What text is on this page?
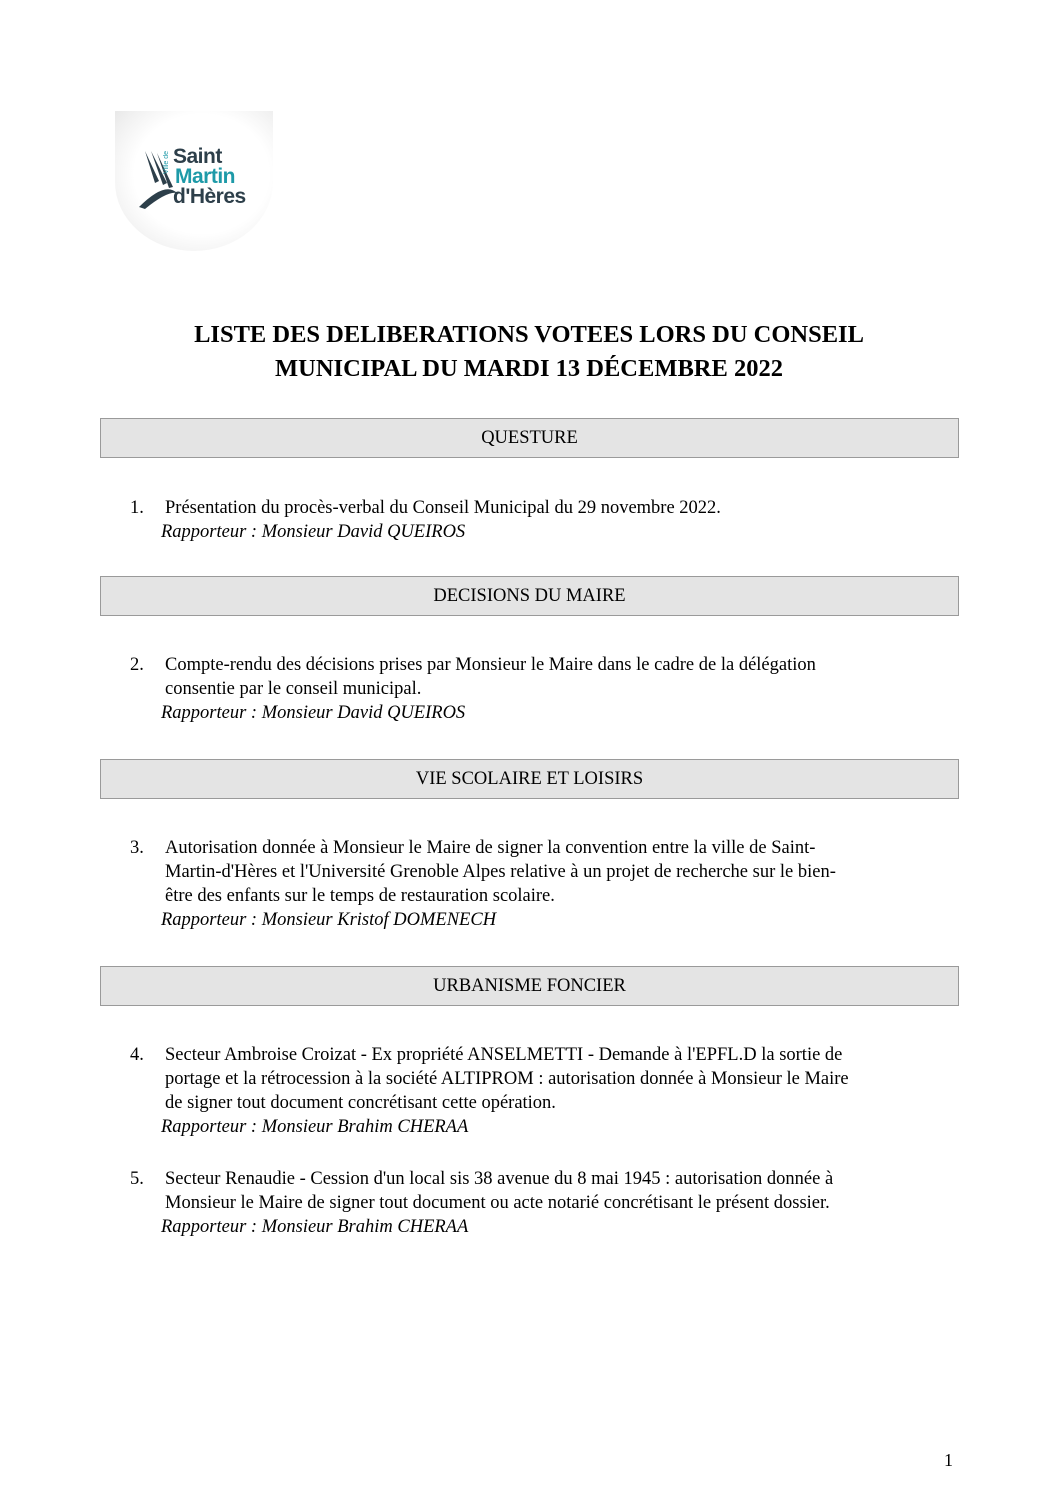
Ville de Saint
Martin
d'Hères
LISTE DES DELIBERATIONS VOTEES LORS DU CONSEIL
MUNICIPAL DU MARDI 13 DÉCEMBRE 2022
QUESTURE
1.	Présentation du procès-verbal du Conseil Municipal du 29 novembre 2022.
Rapporteur : Monsieur David QUEIROS
DECISIONS DU MAIRE
2.	Compte-rendu des décisions prises par Monsieur le Maire dans le cadre de la délégation
consentie par le conseil municipal.
Rapporteur : Monsieur David QUEIROS
VIE SCOLAIRE ET LOISIRS
3.	Autorisation donnée à Monsieur le Maire de signer la convention entre la ville de Saint-
Martin-d'Hères et l'Université Grenoble Alpes relative à un projet de recherche sur le bien-
être des enfants sur le temps de restauration scolaire.
Rapporteur : Monsieur Kristof DOMENECH
URBANISME FONCIER
4.	Secteur Ambroise Croizat - Ex propriété ANSELMETTI - Demande à l'EPFL.D la sortie de
portage et la rétrocession à la société ALTIPROM : autorisation donnée à Monsieur le Maire
de signer tout document concrétisant cette opération.
Rapporteur : Monsieur Brahim CHERAA
5.	Secteur Renaudie - Cession d'un local sis 38 avenue du 8 mai 1945 : autorisation donnée à
Monsieur le Maire de signer tout document ou acte notarié concrétisant le présent dossier.
Rapporteur : Monsieur Brahim CHERAA
1
